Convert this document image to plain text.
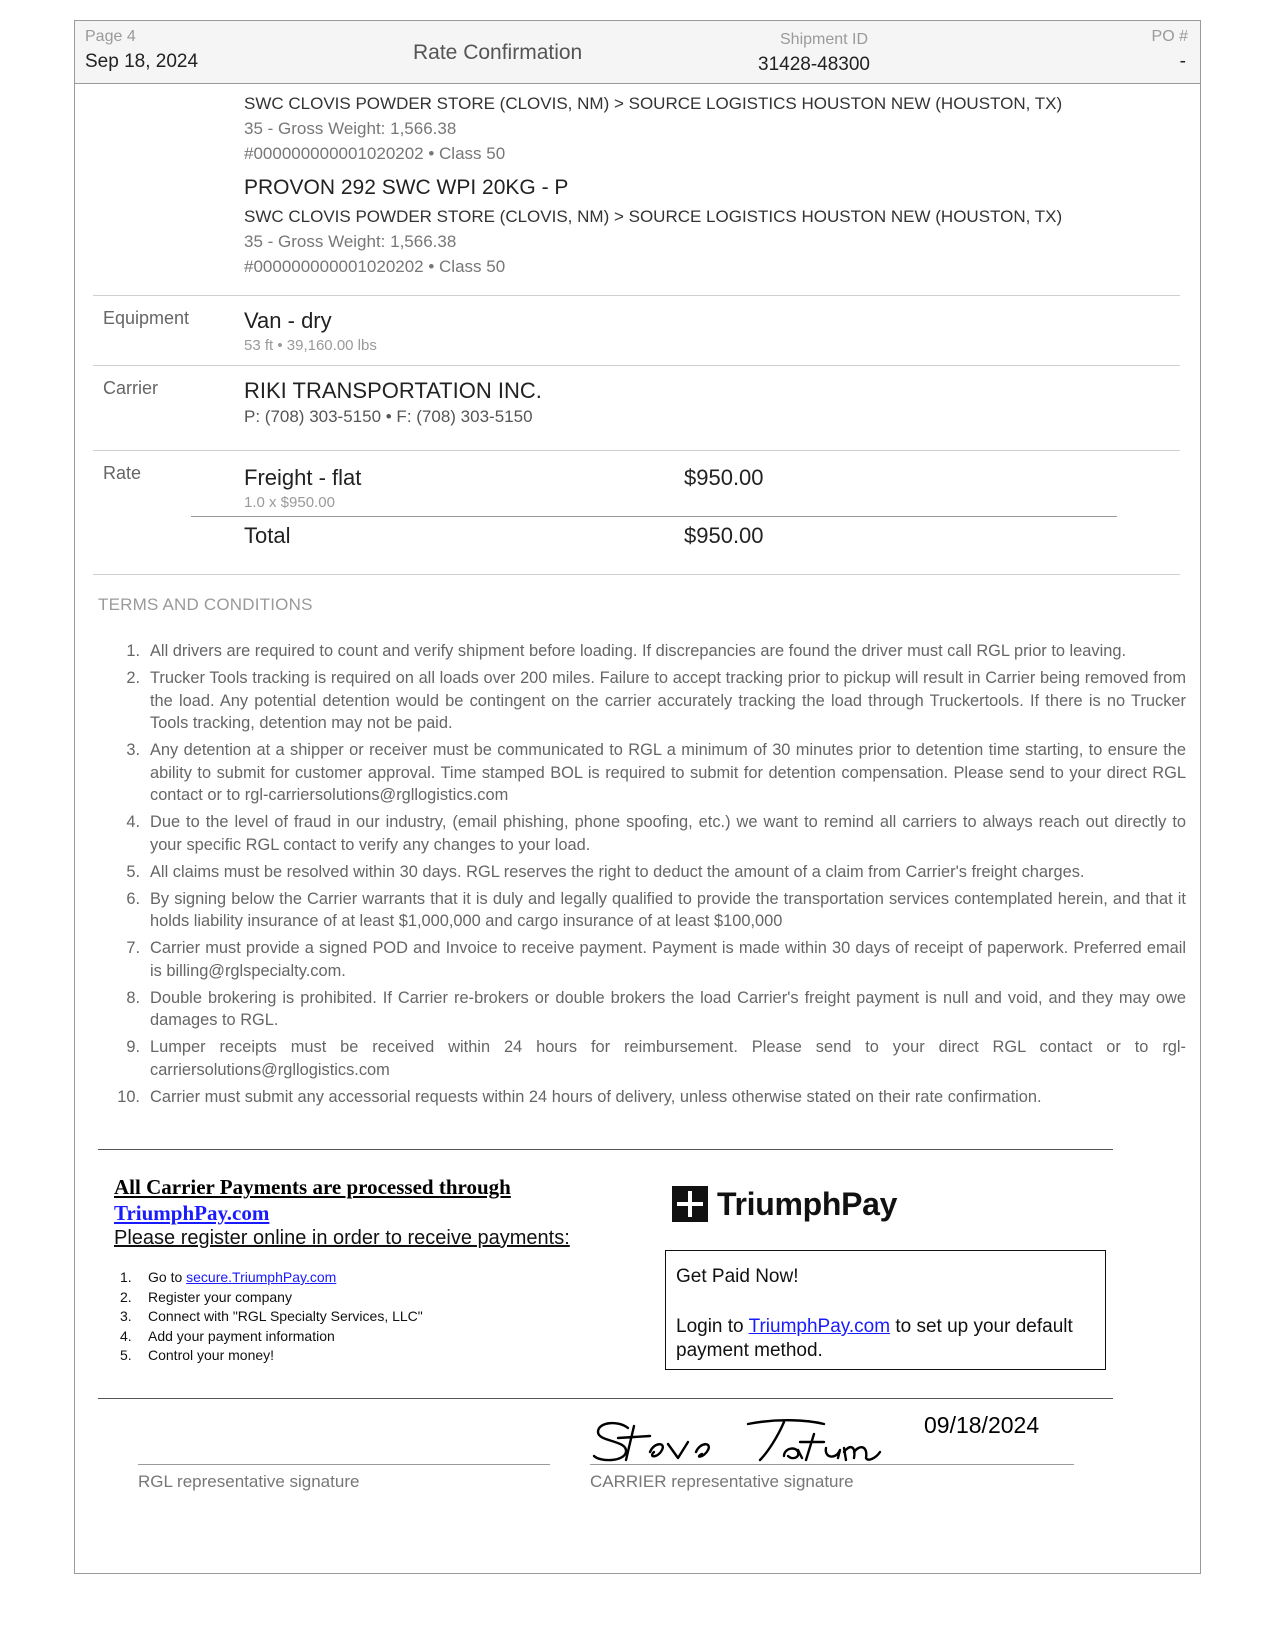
Page 4
Sep 18, 2024	Rate Confirmation
Shipment ID
31428-48300
PO #
-
SWC CLOVIS POWDER STORE (CLOVIS, NM) > SOURCE LOGISTICS HOUSTON NEW (HOUSTON, TX)
35 - Gross Weight: 1,566.38
#000000000001020202 • Class 50
PROVON 292 SWC WPI 20KG - P
SWC CLOVIS POWDER STORE (CLOVIS, NM) > SOURCE LOGISTICS HOUSTON NEW (HOUSTON, TX)
35 - Gross Weight: 1,566.38
#000000000001020202 • Class 50
Equipment Van - dry
53 ft • 39,160.00 lbs
Carrier	RIKI TRANSPORTATION INC.
P: (708) 303-5150 • F: (708) 303-5150
Rate	Freight - flat	$950.00
1.0 x $950.00
Total	$950.00
TERMS AND CONDITIONS
1. All drivers are required to count and verify shipment before loading. If discrepancies are found the driver must call RGL prior to leaving.
2. Trucker Tools tracking is required on all loads over 200 miles. Failure to accept tracking prior to pickup will result in Carrier being removed from the load. Any potential detention would be contingent on the carrier accurately tracking the load through Truckertools. If there is no Trucker Tools tracking, detention may not be paid.
3. Any detention at a shipper or receiver must be communicated to RGL a minimum of 30 minutes prior to detention time starting, to ensure the ability to submit for customer approval. Time stamped BOL is required to submit for detention compensation. Please send to your direct RGL contact or to rgl-carriersolutions@rgllogistics.com
4. Due to the level of fraud in our industry, (email phishing, phone spoofing, etc.) we want to remind all carriers to always reach out directly to your specific RGL contact to verify any changes to your load.
5. All claims must be resolved within 30 days. RGL reserves the right to deduct the amount of a claim from Carrier's freight charges.
6. By signing below the Carrier warrants that it is duly and legally qualified to provide the transportation services contemplated herein, and that it holds liability insurance of at least $1,000,000 and cargo insurance of at least $100,000
7. Carrier must provide a signed POD and Invoice to receive payment. Payment is made within 30 days of receipt of paperwork. Preferred email is billing@rglspecialty.com.
8. Double brokering is prohibited. If Carrier re-brokers or double brokers the load Carrier's freight payment is null and void, and they may owe damages to RGL.
9. Lumper receipts must be received within 24 hours for reimbursement. Please send to your direct RGL contact or to rgl-carriersolutions@rgllogistics.com
10. Carrier must submit any accessorial requests within 24 hours of delivery, unless otherwise stated on their rate confirmation.
All Carrier Payments are processed through
TriumphPay.com
Please register online in order to receive payments:
1. Go to secure.TriumphPay.com
2. Register your company
3. Connect with "RGL Specialty Services, LLC"
4. Add your payment information
5. Control your money!
TriumphPay

Get Paid Now!

Login to TriumphPay.com to set up your default payment method.

RGL representative signature
09/18/2024
CARRIER representative signature
